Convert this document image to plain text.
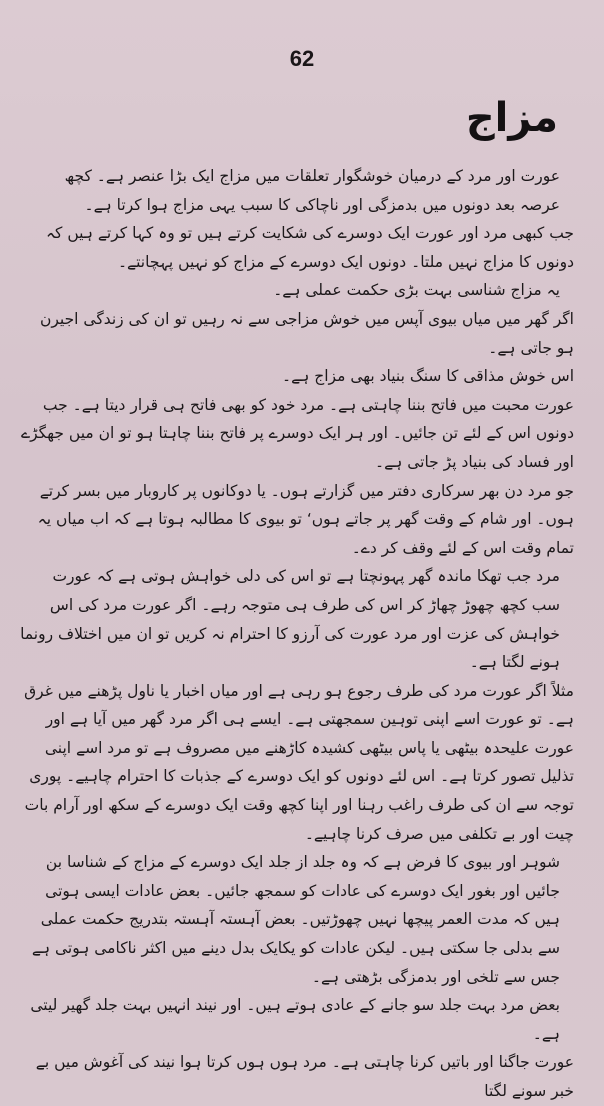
62
مزاج

عورت اور مرد کے درمیان خوشگوار تعلقات میں مزاج ایک بڑا عنصر ہے۔ کچھ عرصہ بعد دونوں میں بدمزگی اور ناچاکی کا سبب یہی مزاج ہوا کرتا ہے۔

جب کبھی مرد اور عورت ایک دوسرے کی شکایت کرتے ہیں تو وہ کہا کرتے ہیں کہ دونوں کا مزاج نہیں ملتا۔ دونوں ایک دوسرے کے مزاج کو نہیں پہچانتے۔

یہ مزاج شناسی بہت بڑی حکمت عملی ہے۔

اگر گھر میں میاں بیوی آپس میں خوش مزاجی سے نہ رہیں تو ان کی زندگی اجیرن ہو جاتی ہے۔

اس خوش مذاقی کا سنگ بنیاد بھی مزاج ہے۔

عورت محبت میں فاتح بننا چاہتی ہے۔ مرد خود کو بھی فاتح ہی قرار دیتا ہے۔ جب دونوں اس کے لئے تن جائیں۔ اور ہر ایک دوسرے پر فاتح بننا چاہتا ہو تو ان میں جھگڑے اور فساد کی بنیاد پڑ جاتی ہے۔

جو مرد دن بھر سرکاری دفتر میں گزارتے ہوں۔ یا دوکانوں پر کاروبار میں بسر کرتے ہوں۔ اور شام کے وقت گھر پر جاتے ہوں‘ تو بیوی کا مطالبہ ہوتا ہے کہ اب میاں یہ تمام وقت اس کے لئے وقف کر دے۔

مرد جب تھکا ماندہ گھر پہونچتا ہے تو اس کی دلی خواہش ہوتی ہے کہ عورت سب کچھ چھوڑ چھاڑ کر اس کی طرف ہی متوجہ رہے۔ اگر عورت مرد کی اس خواہش کی عزت اور مرد عورت کی آرزو کا احترام نہ کریں تو ان میں اختلاف رونما ہونے لگتا ہے۔

مثلاً اگر عورت مرد کی طرف رجوع ہو رہی ہے اور میاں اخبار یا ناول پڑھنے میں غرق ہے۔ تو عورت اسے اپنی توہین سمجھتی ہے۔ ایسے ہی اگر مرد گھر میں آیا ہے اور عورت علیحدہ بیٹھی یا پاس بیٹھی کشیدہ کاڑھنے میں مصروف ہے تو مرد اسے اپنی تذلیل تصور کرتا ہے۔ اس لئے دونوں کو ایک دوسرے کے جذبات کا احترام چاہیے۔ پوری توجہ سے ان کی طرف راغب رہنا اور اپنا کچھ وقت ایک دوسرے کے سکھ اور آرام بات چیت اور بے تکلفی میں صرف کرنا چاہیے۔

شوہر اور بیوی کا فرض ہے کہ وہ جلد از جلد ایک دوسرے کے مزاج کے شناسا بن جائیں اور بغور ایک دوسرے کی عادات کو سمجھ جائیں۔ بعض عادات ایسی ہوتی ہیں کہ مدت العمر پیچھا نہیں چھوڑتیں۔ بعض آہستہ آہستہ بتدریج حکمت عملی سے بدلی جا سکتی ہیں۔ لیکن عادات کو یکایک بدل دینے میں اکثر ناکامی ہوتی ہے جس سے تلخی اور بدمزگی بڑھتی ہے۔

بعض مرد بہت جلد سو جانے کے عادی ہوتے ہیں۔ اور نیند انہیں بہت جلد گھیر لیتی ہے۔

عورت جاگنا اور باتیں کرنا چاہتی ہے۔ مرد ہوں ہوں کرتا ہوا نیند کی آغوش میں بے خبر سونے لگتا
